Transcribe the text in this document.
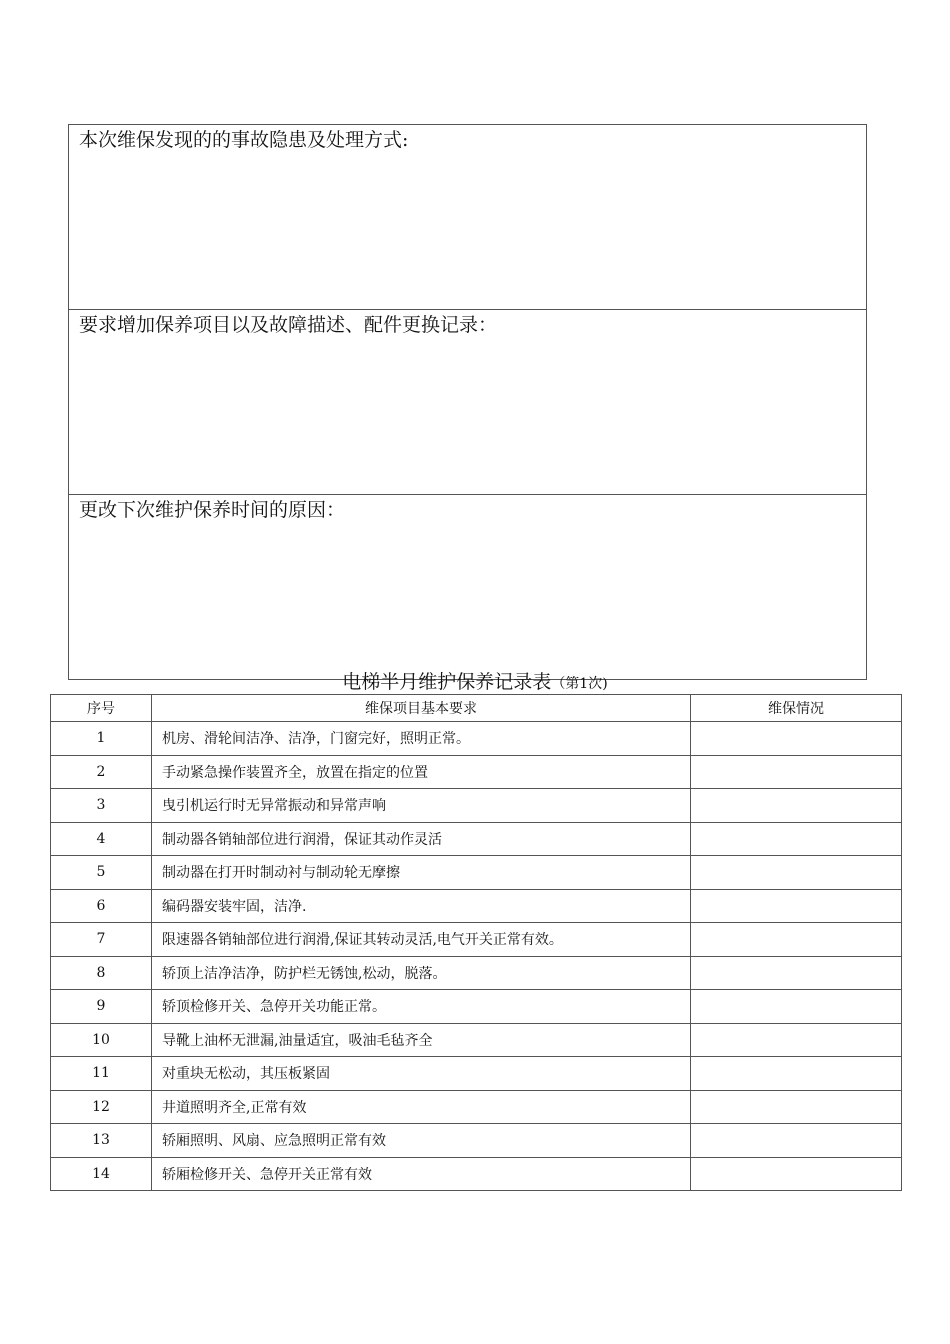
本次维保发现的的事故隐患及处理方式:
要求增加保养项目以及故障描述、配件更换记录：
更改下次维护保养时间的原因：
电梯半月维护保养记录表（第1次)
序号	维保项目基本要求	维保情况
1	机房、滑轮间洁净、洁净，门窗完好，照明正常。	
2	手动紧急操作装置齐全，放置在指定的位置	
3	曳引机运行时无异常振动和异常声响	
4	制动器各销轴部位进行润滑，保证其动作灵活	
5	制动器在打开时制动衬与制动轮无摩擦	
6	编码器安装牢固，洁净.	
7	限速器各销轴部位进行润滑,保证其转动灵活,电气开关正常有效。	
8	轿顶上洁净洁净，防护栏无锈蚀,松动，脱落。	
9	轿顶检修开关、急停开关功能正常。	
10	导靴上油杯无泄漏,油量适宜，吸油毛毡齐全	
11	对重块无松动，其压板紧固	
12	井道照明齐全,正常有效	
13	轿厢照明、风扇、应急照明正常有效	
14	轿厢检修开关、急停开关正常有效	
